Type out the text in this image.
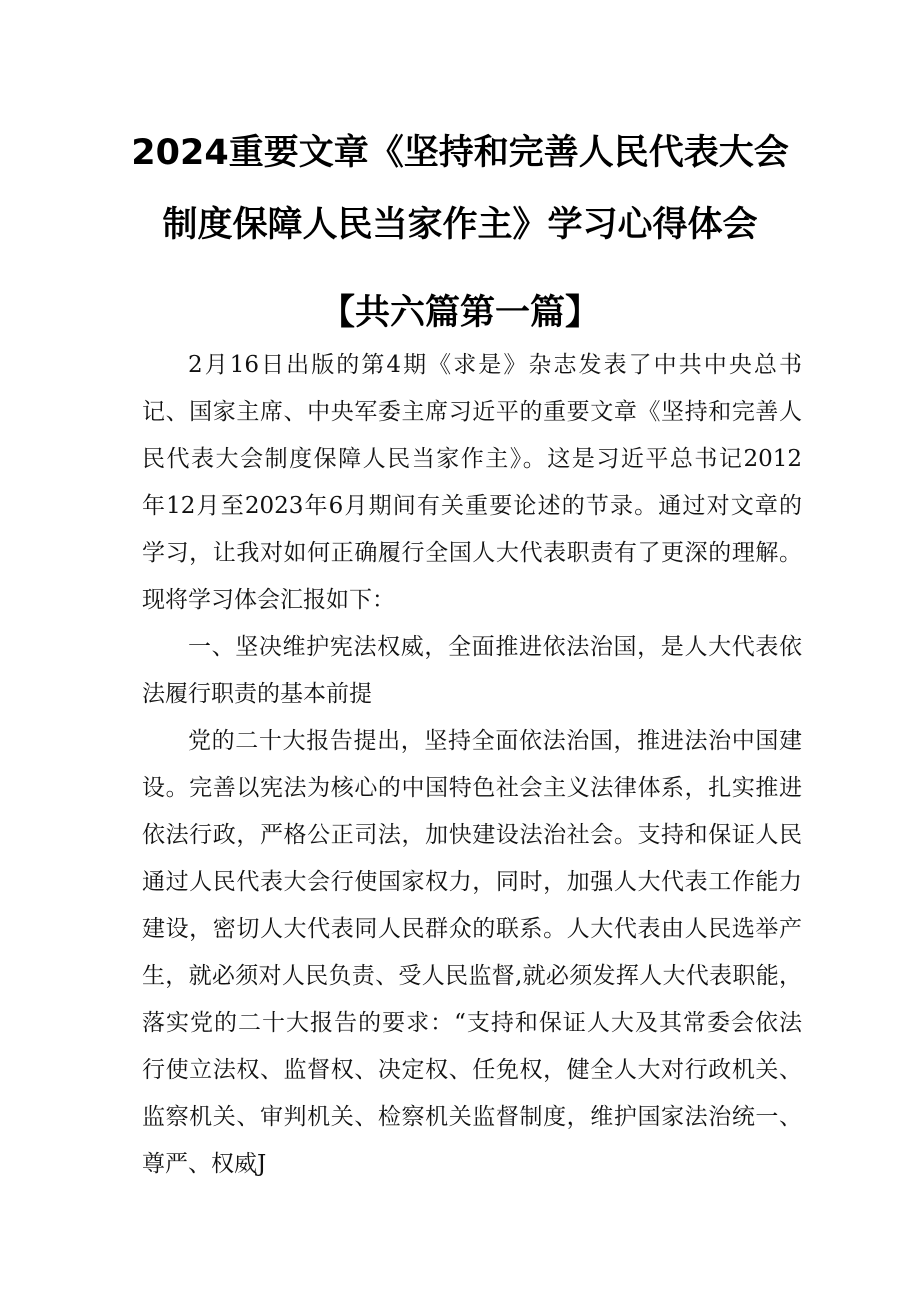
2024重要文章《坚持和完善人民代表大会
制度保障人民当家作主》学习心得体会
【共六篇第一篇】
2月16日出版的第4期《求是》杂志发表了中共中央总书
记、国家主席、中央军委主席习近平的重要文章《坚持和完善人
民代表大会制度保障人民当家作主》。这是习近平总书记2012
年12月至2023年6月期间有关重要论述的节录。通过对文章的
学习，让我对如何正确履行全国人大代表职责有了更深的理解。
现将学习体会汇报如下：
一、坚决维护宪法权威，全面推进依法治国，是人大代表依
法履行职责的基本前提
党的二十大报告提出，坚持全面依法治国，推进法治中国建
设。完善以宪法为核心的中国特色社会主义法律体系，扎实推进
依法行政，严格公正司法，加快建设法治社会。支持和保证人民
通过人民代表大会行使国家权力，同时，加强人大代表工作能力
建设，密切人大代表同人民群众的联系。人大代表由人民选举产
生，就必须对人民负责、受人民监督,就必须发挥人大代表职能，
落实党的二十大报告的要求：“支持和保证人大及其常委会依法
行使立法权、监督权、决定权、任免权，健全人大对行政机关、
监察机关、审判机关、检察机关监督制度，维护国家法治统一、
尊严、权威J
